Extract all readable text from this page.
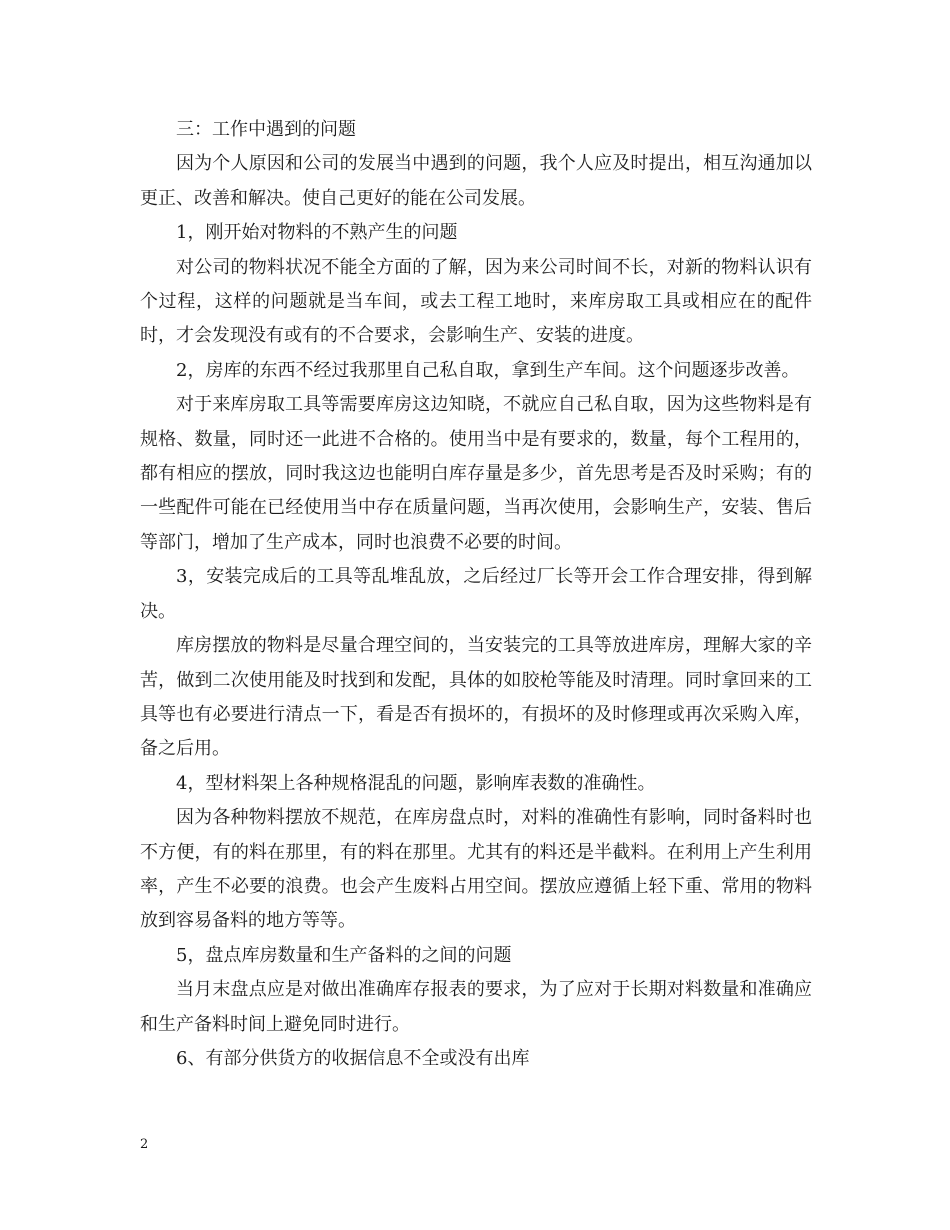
三：工作中遇到的问题

因为个人原因和公司的发展当中遇到的问题，我个人应及时提出，相互沟通加以更正、改善和解决。使自己更好的能在公司发展。

1，刚开始对物料的不熟产生的问题

对公司的物料状况不能全方面的了解，因为来公司时间不长，对新的物料认识有个过程，这样的问题就是当车间，或去工程工地时，来库房取工具或相应在的配件时，才会发现没有或有的不合要求，会影响生产、安装的进度。

2，房库的东西不经过我那里自己私自取，拿到生产车间。这个问题逐步改善。

对于来库房取工具等需要库房这边知晓，不就应自己私自取，因为这些物料是有规格、数量，同时还一此进不合格的。使用当中是有要求的，数量，每个工程用的，都有相应的摆放，同时我这边也能明白库存量是多少，首先思考是否及时采购；有的一些配件可能在已经使用当中存在质量问题，当再次使用，会影响生产，安装、售后等部门，增加了生产成本，同时也浪费不必要的时间。

3，安装完成后的工具等乱堆乱放，之后经过厂长等开会工作合理安排，得到解决。

库房摆放的物料是尽量合理空间的，当安装完的工具等放进库房，理解大家的辛苦，做到二次使用能及时找到和发配，具体的如胶枪等能及时清理。同时拿回来的工具等也有必要进行清点一下，看是否有损坏的，有损坏的及时修理或再次采购入库，备之后用。

4，型材料架上各种规格混乱的问题，影响库表数的准确性。

因为各种物料摆放不规范，在库房盘点时，对料的准确性有影响，同时备料时也不方便，有的料在那里，有的料在那里。尤其有的料还是半截料。在利用上产生利用率，产生不必要的浪费。也会产生废料占用空间。摆放应遵循上轻下重、常用的物料放到容易备料的地方等等。

5，盘点库房数量和生产备料的之间的问题

当月末盘点应是对做出准确库存报表的要求，为了应对于长期对料数量和准确应和生产备料时间上避免同时进行。

6、有部分供货方的收据信息不全或没有出库

2
